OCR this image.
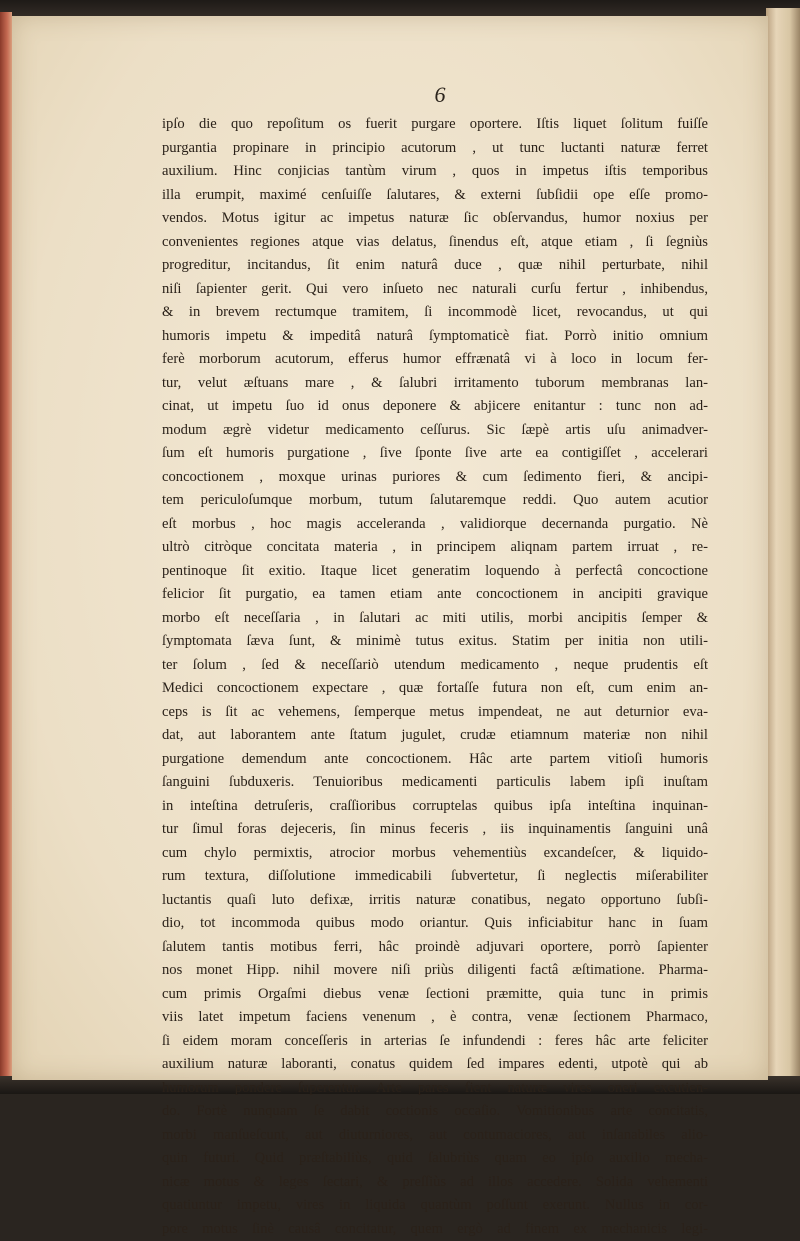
6
ipſo die quo repoſitum os fuerit purgare oportere. Iſtis liquet ſolitum fuiſſe
purgantia propinare in principio acutorum , ut tunc luctanti naturæ ferret
auxilium. Hinc conjicias tantùm virum , quos in impetus iſtis temporibus
illa erumpit, maximé cenſuiſſe ſalutares, & externi ſubſidii ope eſſe promo-
vendos. Motus igitur ac impetus naturæ ſic obſervandus, humor noxius per
convenientes regiones atque vias delatus, ſinendus eſt, atque etiam , ſi ſegniùs
progreditur, incitandus, ſit enim naturâ duce , quæ nihil perturbate, nihil
niſi ſapienter gerit. Qui vero inſueto nec naturali curſu fertur , inhibendus,
& in brevem rectumque tramitem, ſi incommodè licet, revocandus, ut qui
humoris impetu & impeditâ naturâ ſymptomaticè fiat. Porrò initio omnium
ferè morborum acutorum, efferus humor effrænatâ vi à loco in locum fer-
tur, velut æſtuans mare , & ſalubri irritamento tuborum membranas lan-
cinat, ut impetu ſuo id onus deponere & abjicere enitantur : tunc non ad-
modum ægrè videtur medicamento ceſſurus. Sic ſæpè artis uſu animadver-
ſum eſt humoris purgatione , ſive ſponte ſive arte ea contigiſſet , accelerari
concoctionem , moxque urinas puriores & cum ſedimento fieri, & ancipi-
tem periculoſumque morbum, tutum ſalutaremque reddi. Quo autem acutior
eſt morbus , hoc magis acceleranda , validiorque decernanda purgatio. Nè
ultrò citròque concitata materia , in principem aliqnam partem irruat , re-
pentinoque ſit exitio. Itaque licet generatim loquendo à perfectâ concoctione
felicior ſit purgatio, ea tamen etiam ante concoctionem in ancipiti gravique
morbo eſt neceſſaria , in ſalutari ac miti utilis, morbi ancipitis ſemper &
ſymptomata ſæva ſunt, & minimè tutus exitus. Statim per initia non utili-
ter ſolum , ſed & neceſſariò utendum medicamento , neque prudentis eſt
Medici concoctionem expectare , quæ fortaſſe futura non eſt, cum enim an-
ceps is ſit ac vehemens, ſemperque metus impendeat, ne aut deturnior eva-
dat, aut laborantem ante ſtatum jugulet, crudæ etiamnum materiæ non nihil
purgatione demendum ante concoctionem. Hâc arte partem vitioſi humoris
ſanguini ſubduxeris. Tenuioribus medicamenti particulis labem ipſi inuſtam
in inteſtina detruſeris, craſſioribus corruptelas quibus ipſa inteſtina inquinan-
tur ſimul foras dejeceris, ſin minus feceris , iis inquinamentis ſanguini unâ
cum chylo permixtis, atrocior morbus vehementiùs excandeſcer, & liquido-
rum textura, diſſolutione immedicabili ſubvertetur, ſi neglectis miſerabiliter
luctantis quaſi luto defixæ, irritis naturæ conatibus, negato opportuno ſubſi-
dio, tot incommoda quibus modo oriantur. Quis inficiabitur hanc in ſuam
ſalutem tantis motibus ferri, hâc proindè adjuvari oportere, porrò ſapienter
nos monet Hipp. nihil movere niſi priùs diligenti factâ æſtimatione. Pharma-
cum primis Orgaſmi diebus venæ ſectioni præmitte, quia tunc in primis
viis latet impetum faciens venenum , è contra, venæ ſectionem Pharmaco,
ſi eidem moram conceſſeris in arterias ſe infundendi : feres hâc arte feliciter
auxilium naturæ laboranti, conatus quidem ſed impares edenti, utpotè qui ab
humorum pondere ſuperentur. Arte pares fient naturæ vires oneri excutien-
do. Fortè nunquam ſe dabit coctionis occaſio. Vomitionibus arte concitatis,
morbi manſueſcunt, aut diuturniores, aut contumaciores, aut inſanabiles alio-
quin futuri. Quid præſtabiliùs, quid ſalubriùs quam eo ipſo auxilio mecha-
nicæ motus & leges ſectari, & preſſiùs ad illos accedere. Solida vehementi
quatiuntur impetu, vires in liquida quantùm poſſunt exerunt. Nullus in cor-
pore motus ſinè causâ concitatur, quem ergò ad finem ex mechanicis legi-
